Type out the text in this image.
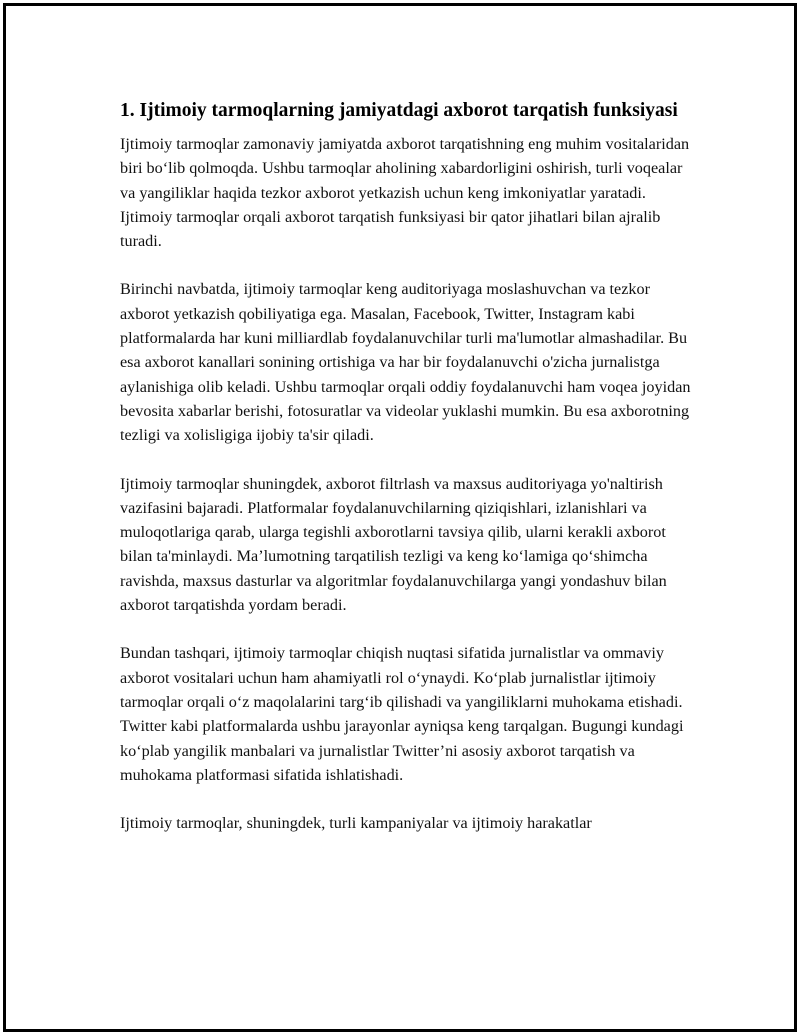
1. Ijtimoiy tarmoqlarning jamiyatdagi axborot tarqatish funksiyasi

Ijtimoiy tarmoqlar zamonaviy jamiyatda axborot tarqatishning eng muhim vositalaridan biri bo‘lib qolmoqda. Ushbu tarmoqlar aholining xabardorligini oshirish, turli voqealar va yangiliklar haqida tezkor axborot yetkazish uchun keng imkoniyatlar yaratadi. Ijtimoiy tarmoqlar orqali axborot tarqatish funksiyasi bir qator jihatlari bilan ajralib turadi.

Birinchi navbatda, ijtimoiy tarmoqlar keng auditoriyaga moslashuvchan va tezkor axborot yetkazish qobiliyatiga ega. Masalan, Facebook, Twitter, Instagram kabi platformalarda har kuni milliardlab foydalanuvchilar turli ma'lumotlar almashadilar. Bu esa axborot kanallari sonining ortishiga va har bir foydalanuvchi o'zicha jurnalistga aylanishiga olib keladi. Ushbu tarmoqlar orqali oddiy foydalanuvchi ham voqea joyidan bevosita xabarlar berishi, fotosuratlar va videolar yuklashi mumkin. Bu esa axborotning tezligi va xolisligiga ijobiy ta'sir qiladi.

Ijtimoiy tarmoqlar shuningdek, axborot filtrlash va maxsus auditoriyaga yo'naltirish vazifasini bajaradi. Platformalar foydalanuvchilarning qiziqishlari, izlanishlari va muloqotlariga qarab, ularga tegishli axborotlarni tavsiya qilib, ularni kerakli axborot bilan ta'minlaydi. Ma’lumotning tarqatilish tezligi va keng ko‘lamiga qo‘shimcha ravishda, maxsus dasturlar va algoritmlar foydalanuvchilarga yangi yondashuv bilan axborot tarqatishda yordam beradi.

Bundan tashqari, ijtimoiy tarmoqlar chiqish nuqtasi sifatida jurnalistlar va ommaviy axborot vositalari uchun ham ahamiyatli rol o‘ynaydi. Ko‘plab jurnalistlar ijtimoiy tarmoqlar orqali o‘z maqolalarini targ‘ib qilishadi va yangiliklarni muhokama etishadi. Twitter kabi platformalarda ushbu jarayonlar ayniqsa keng tarqalgan. Bugungi kundagi ko‘plab yangilik manbalari va jurnalistlar Twitter’ni asosiy axborot tarqatish va muhokama platformasi sifatida ishlatishadi.

Ijtimoiy tarmoqlar, shuningdek, turli kampaniyalar va ijtimoiy harakatlar
